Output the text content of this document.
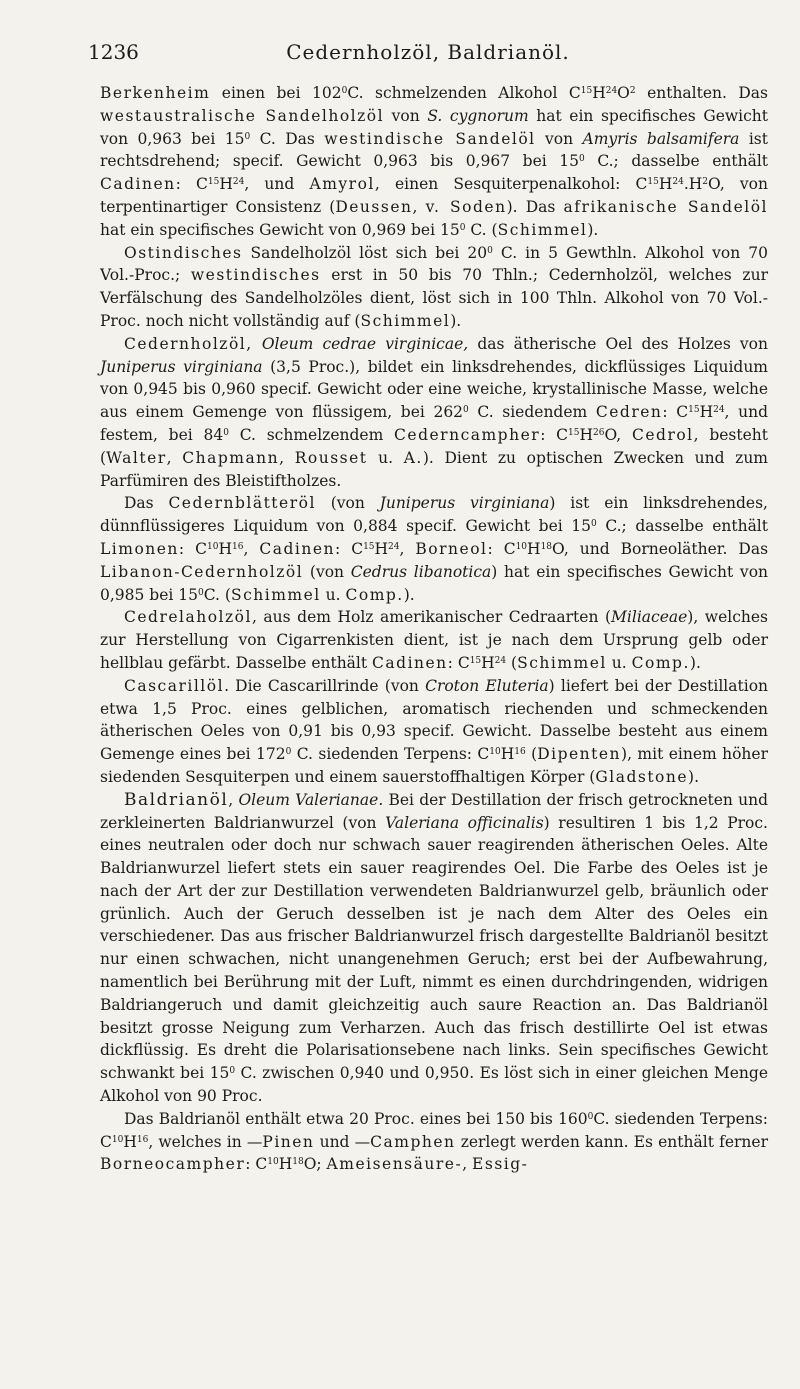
1236	Cedernholzöl, Baldrianöl.

Berkenheim einen bei $102^0C$. schmelzenden Alkohol $C^{15}H^{24}O^2$ enthalten. Das westaustralische Sandelholzöl von S. cygnorum hat ein specifisches Gewicht von 0,963 bei $15^0$ C. Das westindische Sandelöl von Amyris balsamifera ist rechtsdrehend; specif. Gewicht 0,963 bis 0,967 bei $15^0$ C.; dasselbe enthält Cadinen: $C^{15}H^{24}$, und Amyrol, einen Sesquiterpenalkohol: $C^{15}H^{24}.H^2O$, von terpentinartiger Consistenz (Deussen, v. Soden). Das afrikanische Sandelöl hat ein specifisches Gewicht von 0,969 bei $15^0$ C. (Schimmel).

Ostindisches Sandelholzöl löst sich bei $20^0$ C. in 5 Gewthln. Alkohol von 70 Vol.-Proc.; westindisches erst in 50 bis 70 Thln.; Cedernholzöl, welches zur Verfälschung des Sandelholzöles dient, löst sich in 100 Thln. Alkohol von 70 Vol.-Proc. noch nicht vollständig auf (Schimmel).

Cedernholzöl, Oleum cedrae virginicae, das ätherische Oel des Holzes von Juniperus virginiana (3,5 Proc.), bildet ein linksdrehendes, dickflüssiges Liquidum von 0,945 bis 0,960 specif. Gewicht oder eine weiche, krystallinische Masse, welche aus einem Gemenge von flüssigem, bei $262^0$ C. siedendem Cedren: $C^{15}H^{24}$, und festem, bei $84^0$ C. schmelzendem Cederncampher: $C^{15}H^{26}O$, Cedrol, besteht (Walter, Chapmann, Rousset u. A.). Dient zu optischen Zwecken und zum Parfümiren des Bleistiftholzes.

Das Cedernblätteröl (von Juniperus virginiana) ist ein linksdrehendes, dünnflüssigeres Liquidum von 0,884 specif. Gewicht bei $15^0$ C.; dasselbe enthält Limonen: $C^{10}H^{16}$, Cadinen: $C^{15}H^{24}$, Borneol: $C^{10}H^{18}O$, und Borneoläther. Das Libanon-Cedernholzöl (von Cedrus libanotica) hat ein specifisches Gewicht von 0,985 bei $15^0C$. (Schimmel u. Comp.).

Cedrelaholzöl, aus dem Holz amerikanischer Cedraarten (Miliaceae), welches zur Herstellung von Cigarrenkisten dient, ist je nach dem Ursprung gelb oder hellblau gefärbt. Dasselbe enthält Cadinen: $C^{15}H^{24}$ (Schimmel u. Comp.).

Cascarillöl. Die Cascarillrinde (von Croton Eluteria) liefert bei der Destillation etwa 1,5 Proc. eines gelblichen, aromatisch riechenden und schmeckenden ätherischen Oeles von 0,91 bis 0,93 specif. Gewicht. Dasselbe besteht aus einem Gemenge eines bei $172^0$ C. siedenden Terpens: $C^{10}H^{16}$ (Dipenten), mit einem höher siedenden Sesquiterpen und einem sauerstoffhaltigen Körper (Gladstone).

Baldrianöl, Oleum Valerianae. Bei der Destillation der frisch getrockneten und zerkleinerten Baldrianwurzel (von Valeriana officinalis) resultiren 1 bis 1,2 Proc. eines neutralen oder doch nur schwach sauer reagirenden ätherischen Oeles. Alte Baldrianwurzel liefert stets ein sauer reagirendes Oel. Die Farbe des Oeles ist je nach der Art der zur Destillation verwendeten Baldrianwurzel gelb, bräunlich oder grünlich. Auch der Geruch desselben ist je nach dem Alter des Oeles ein verschiedener. Das aus frischer Baldrianwurzel frisch dargestellte Baldrianöl besitzt nur einen schwachen, nicht unangenehmen Geruch; erst bei der Aufbewahrung, namentlich bei Berührung mit der Luft, nimmt es einen durchdringenden, widrigen Baldriangeruch und damit gleichzeitig auch saure Reaction an. Das Baldrianöl besitzt grosse Neigung zum Verharzen. Auch das frisch destillirte Oel ist etwas dickflüssig. Es dreht die Polarisationsebene nach links. Sein specifisches Gewicht schwankt bei $15^0$ C. zwischen 0,940 und 0,950. Es löst sich in einer gleichen Menge Alkohol von 90 Proc.

Das Baldrianöl enthält etwa 20 Proc. eines bei 150 bis $160^0C$. siedenden Terpens: $C^{10}H^{16}$, welches in —Pinen und —Camphen zerlegt werden kann. Es enthält ferner Borneocampher: $C^{10}H^{18}O$; Ameisensäure-, Essig-
